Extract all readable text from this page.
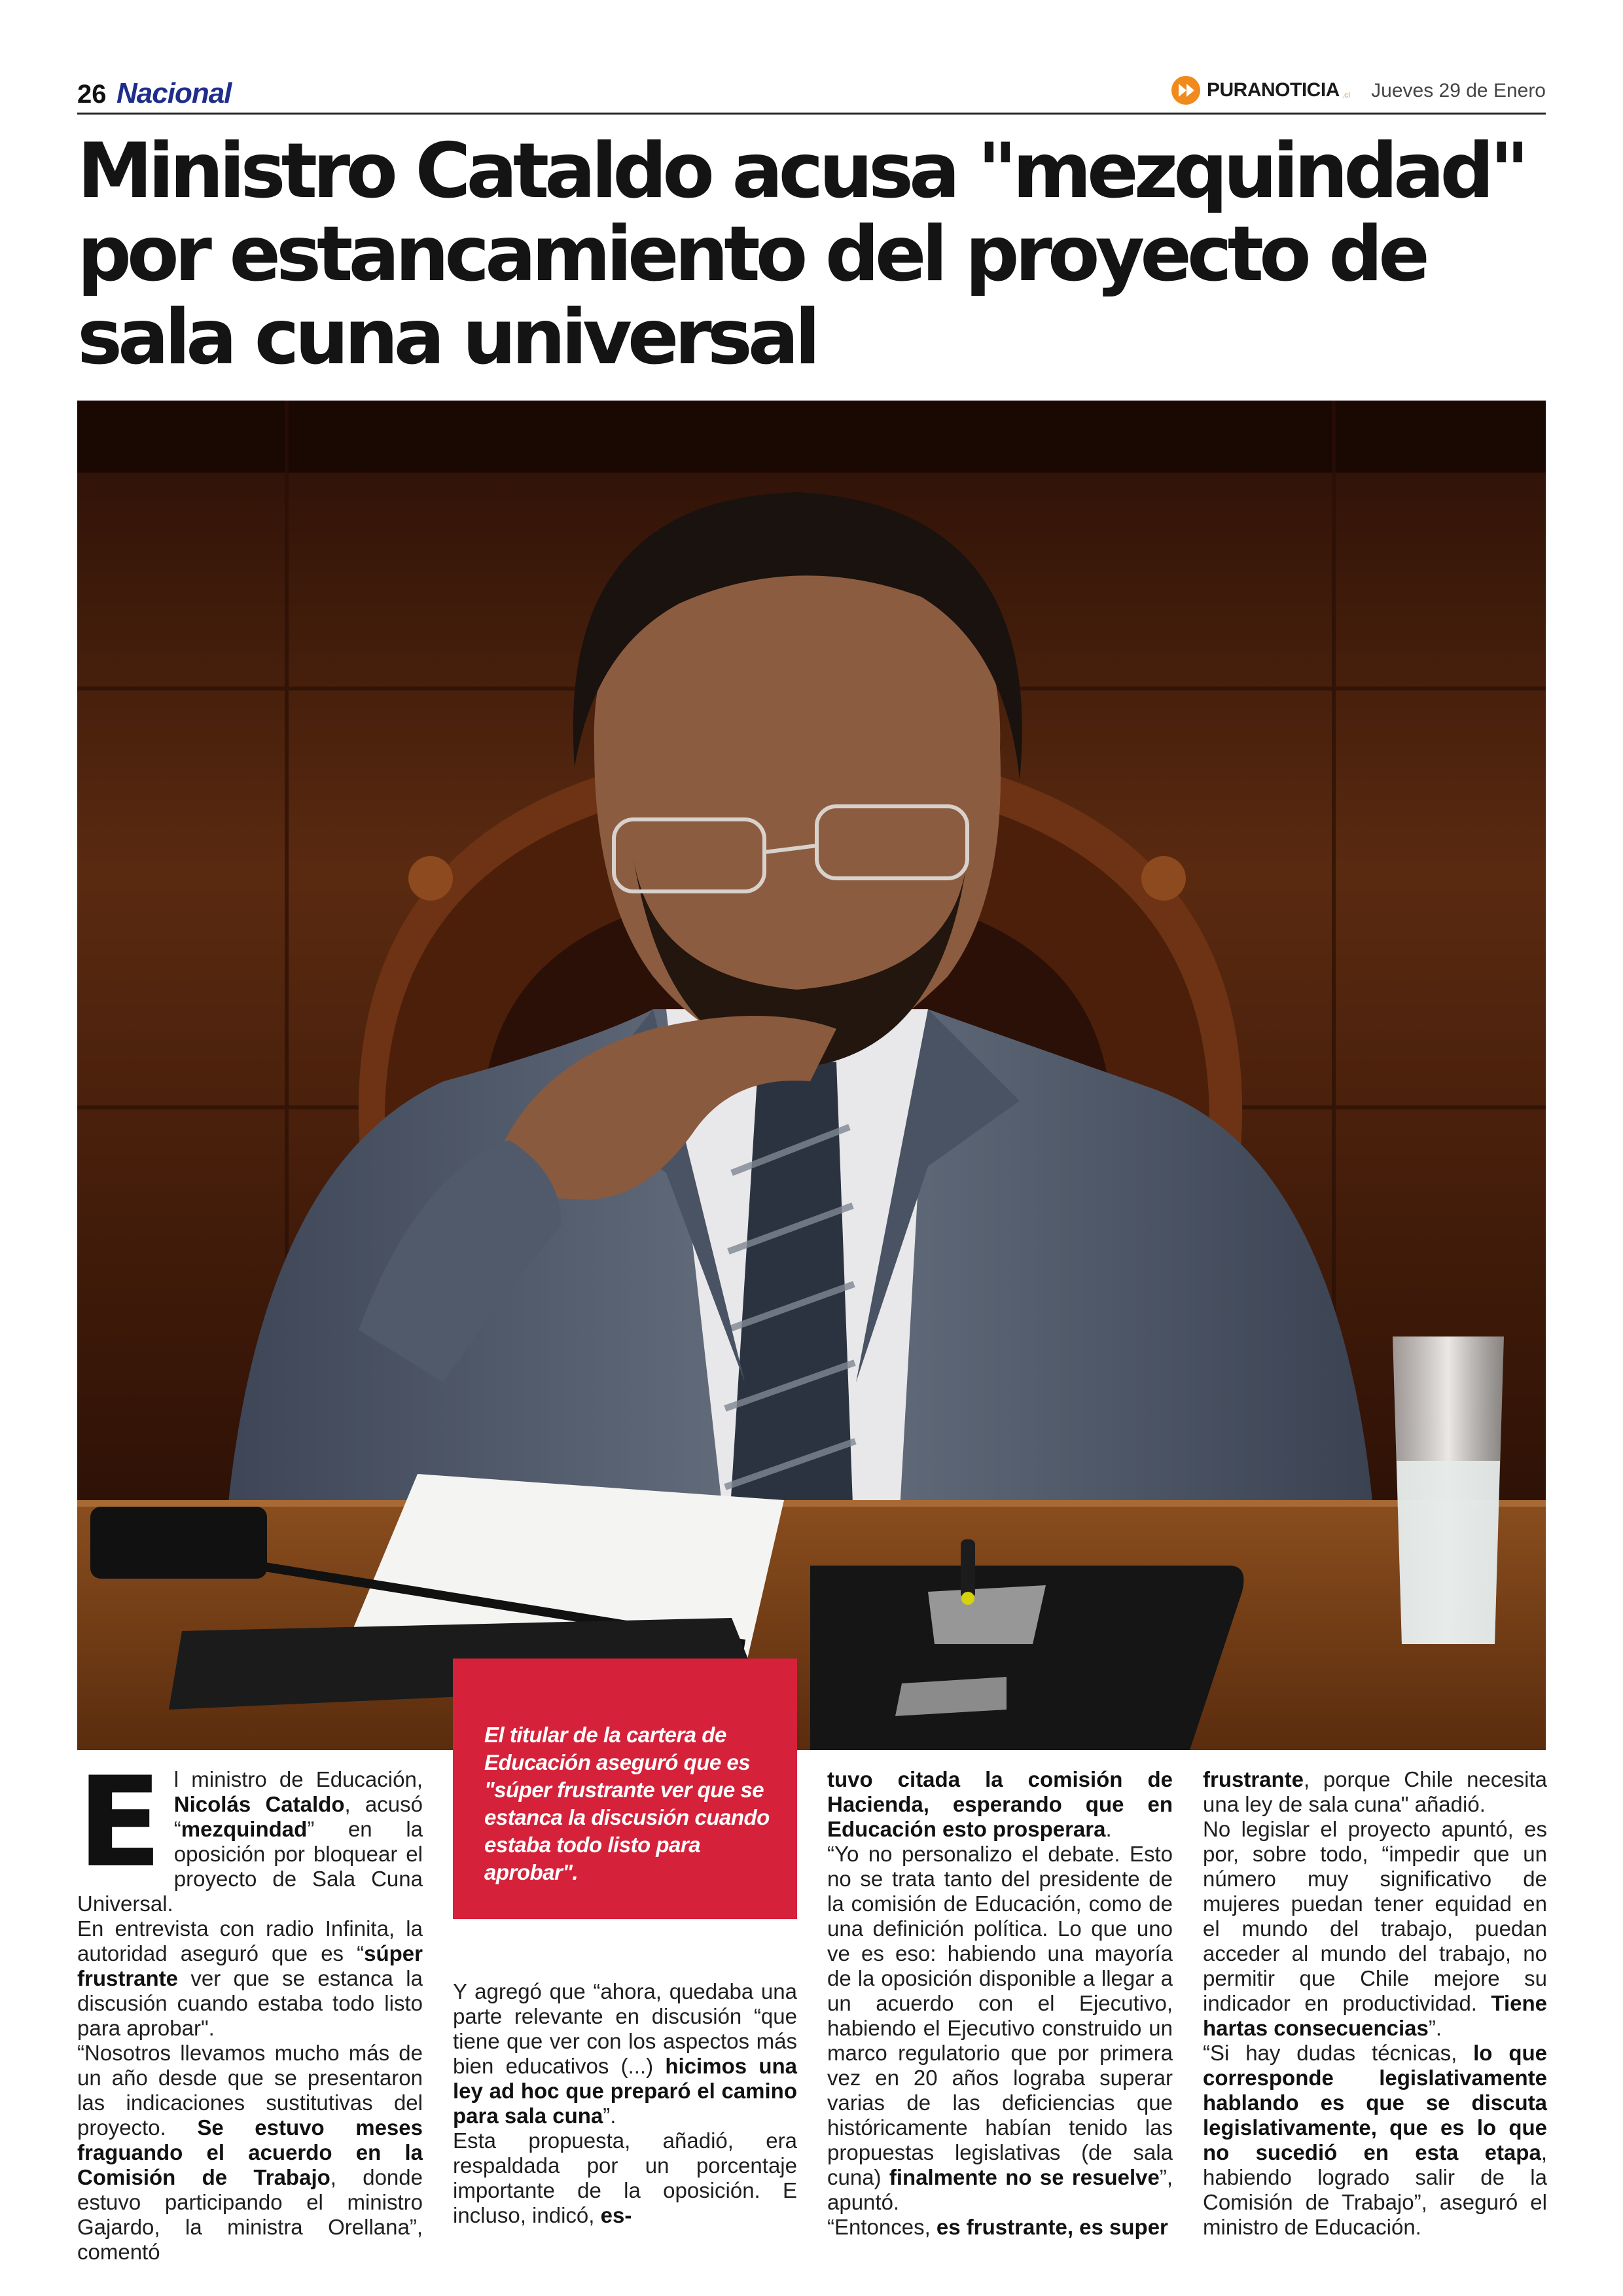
26 Nacional	PURANOTICIA .cl Jueves 29 de Enero
Ministro Cataldo acusa "mezquindad" por estancamiento del proyecto de sala cuna universal

El titular de la cartera de Educación aseguró que es "súper frustrante ver que se estanca la discusión cuando estaba todo listo para aprobar".

E l ministro de Educación, Nicolás Cataldo, acusó “mezquindad” en la oposición por bloquear el proyecto de Sala Cuna Universal.

En entrevista con radio Infinita, la autoridad aseguró que es “súper frustrante ver que se estanca la discusión cuando estaba todo listo para aprobar".

“Nosotros llevamos mucho más de un año desde que se presentaron las indicaciones sustitutivas del proyecto. Se estuvo meses fraguando el acuerdo en la Comisión de Trabajo, donde estuvo participando el ministro Gajardo, la ministra Orellana”, comentó

Y agregó que “ahora, quedaba una parte relevante en discusión “que tiene que ver con los aspectos más bien educativos (...) hicimos una ley ad hoc que preparó el camino para sala cuna”.

Esta propuesta, añadió, era respaldada por un porcentaje importante de la oposición. E incluso, indicó, es-

tuvo citada la comisión de Hacienda, esperando que en Educación esto prosperara.

“Yo no personalizo el debate. Esto no se trata tanto del presidente de la comisión de Educación, como de una definición política. Lo que uno ve es eso: habiendo una mayoría de la oposición disponible a llegar a un acuerdo con el Ejecutivo, habiendo el Ejecutivo construido un marco regulatorio que por primera vez en 20 años lograba superar varias de las deficiencias que históricamente habían tenido las propuestas legislativas (de sala cuna) finalmente no se resuelve”, apuntó.

“Entonces, es frustrante, es super

frustrante, porque Chile necesita una ley de sala cuna" añadió.

No legislar el proyecto apuntó, es por, sobre todo, “impedir que un número muy significativo de mujeres puedan tener equidad en el mundo del trabajo, puedan acceder al mundo del trabajo, no permitir que Chile mejore su indicador en productividad. Tiene hartas consecuencias”.

“Si hay dudas técnicas, lo que corresponde legislativamente hablando es que se discuta legislativamente, que es lo que no sucedió en esta etapa, habiendo logrado salir de la Comisión de Trabajo”, aseguró el ministro de Educación.
